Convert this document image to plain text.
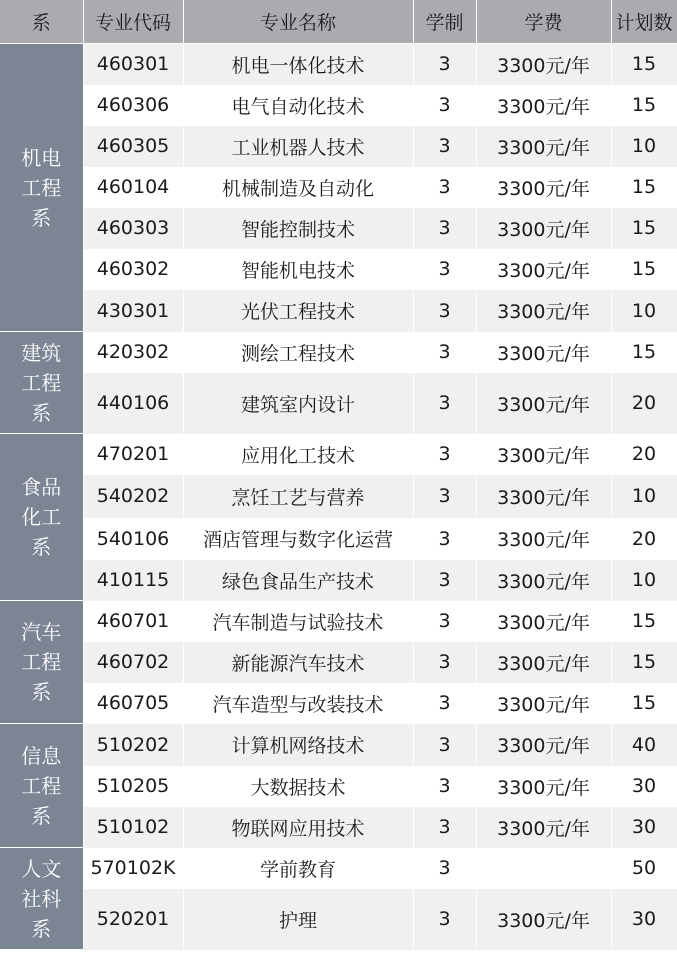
系	专业代码	专业名称	学制	学费	计划数
机电
工程
系	460301	机电一体化技术	3	3300元/年	15
	460306	电气自动化技术	3	3300元/年	15
	460305	工业机器人技术	3	3300元/年	10
	460104	机械制造及自动化	3	3300元/年	15
	460303	智能控制技术	3	3300元/年	15
	460302	智能机电技术	3	3300元/年	15
	430301	光伏工程技术	3	3300元/年	10
建筑
工程
系	420302	测绘工程技术	3	3300元/年	15
	440106	建筑室内设计	3	3300元/年	20
食品
化工
系	470201	应用化工技术	3	3300元/年	20
	540202	烹饪工艺与营养	3	3300元/年	10
	540106	酒店管理与数字化运营	3	3300元/年	20
	410115	绿色食品生产技术	3	3300元/年	10
汽车
工程
系	460701	汽车制造与试验技术	3	3300元/年	15
	460702	新能源汽车技术	3	3300元/年	15
	460705	汽车造型与改装技术	3	3300元/年	15
信息
工程
系	510202	计算机网络技术	3	3300元/年	40
	510205	大数据技术	3	3300元/年	30
	510102	物联网应用技术	3	3300元/年	30
人文
社科
系	570102K	学前教育	3		50
	520201	护理	3	3300元/年	30
